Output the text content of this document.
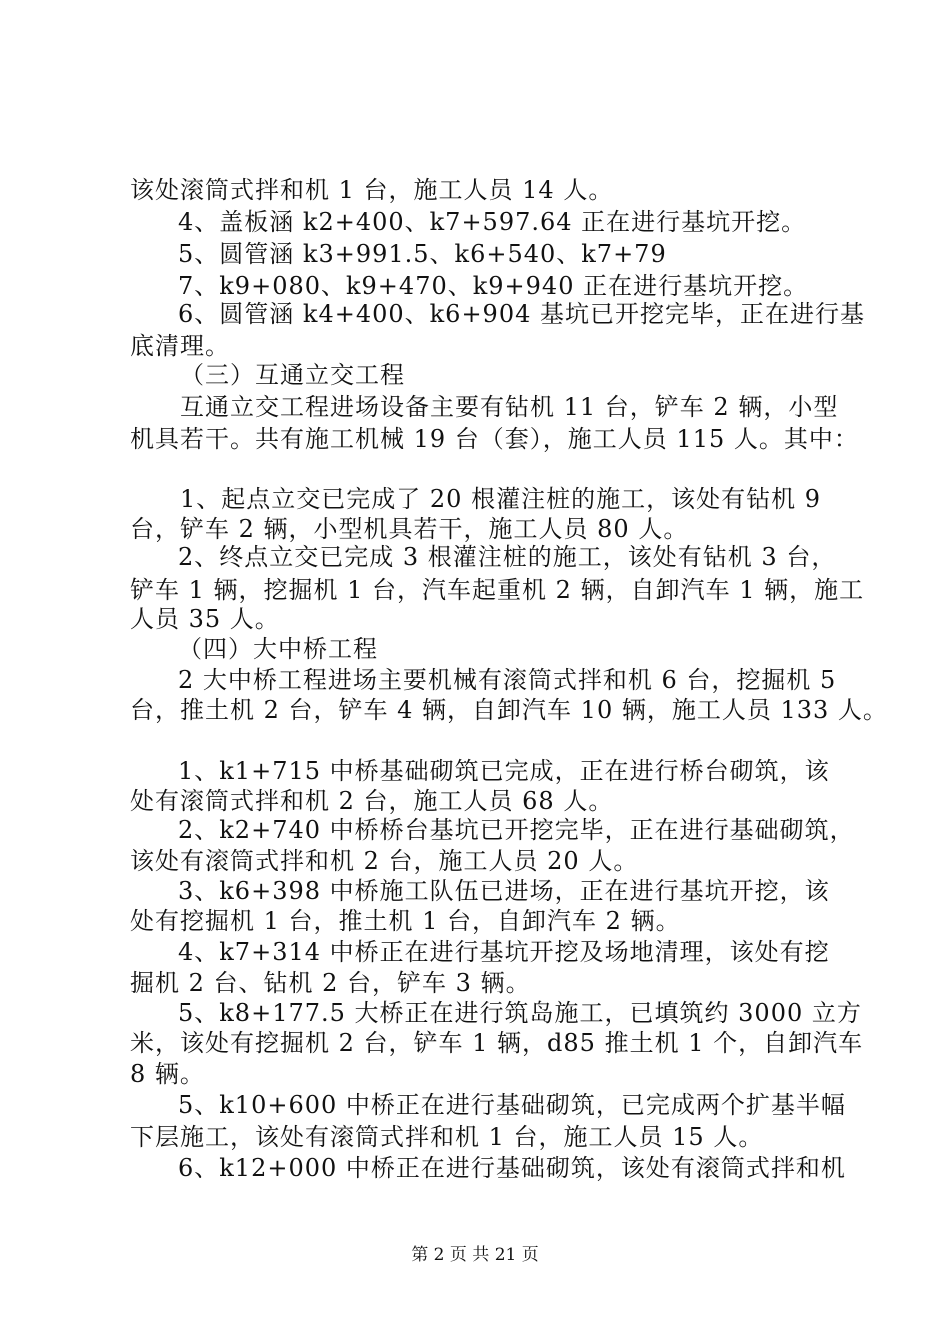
该处滚筒式拌和机 1 台，施工人员 14 人。
4、盖板涵 k2+400、k7+597.64 正在进行基坑开挖。
5、圆管涵 k3+991.5、k6+540、k7+79
7、k9+080、k9+470、k9+940 正在进行基坑开挖。
6、圆管涵 k4+400、k6+904 基坑已开挖完毕，正在进行基
底清理。
（三）互通立交工程
互通立交工程进场设备主要有钻机 11 台，铲车 2 辆，小型
机具若干。共有施工机械 19 台（套），施工人员 115 人。其中：
1、起点立交已完成了 20 根灌注桩的施工，该处有钻机 9
台，铲车 2 辆，小型机具若干，施工人员 80 人。
2、终点立交已完成 3 根灌注桩的施工，该处有钻机 3 台，
铲车 1 辆，挖掘机 1 台，汽车起重机 2 辆，自卸汽车 1 辆，施工
人员 35 人。
（四）大中桥工程
2 大中桥工程进场主要机械有滚筒式拌和机 6 台，挖掘机 5
台，推土机 2 台，铲车 4 辆，自卸汽车 10 辆，施工人员 133 人。
1、k1+715 中桥基础砌筑已完成，正在进行桥台砌筑，该
处有滚筒式拌和机 2 台，施工人员 68 人。
2、k2+740 中桥桥台基坑已开挖完毕，正在进行基础砌筑，
该处有滚筒式拌和机 2 台，施工人员 20 人。
3、k6+398 中桥施工队伍已进场，正在进行基坑开挖，该
处有挖掘机 1 台，推土机 1 台，自卸汽车 2 辆。
4、k7+314 中桥正在进行基坑开挖及场地清理，该处有挖
掘机 2 台、钻机 2 台，铲车 3 辆。
5、k8+177.5 大桥正在进行筑岛施工，已填筑约 3000 立方
米，该处有挖掘机 2 台，铲车 1 辆，d85 推土机 1 个，自卸汽车
8 辆。
5、k10+600 中桥正在进行基础砌筑，已完成两个扩基半幅
下层施工，该处有滚筒式拌和机 1 台，施工人员 15 人。
6、k12+000 中桥正在进行基础砌筑，该处有滚筒式拌和机
第 2 页 共 21 页
